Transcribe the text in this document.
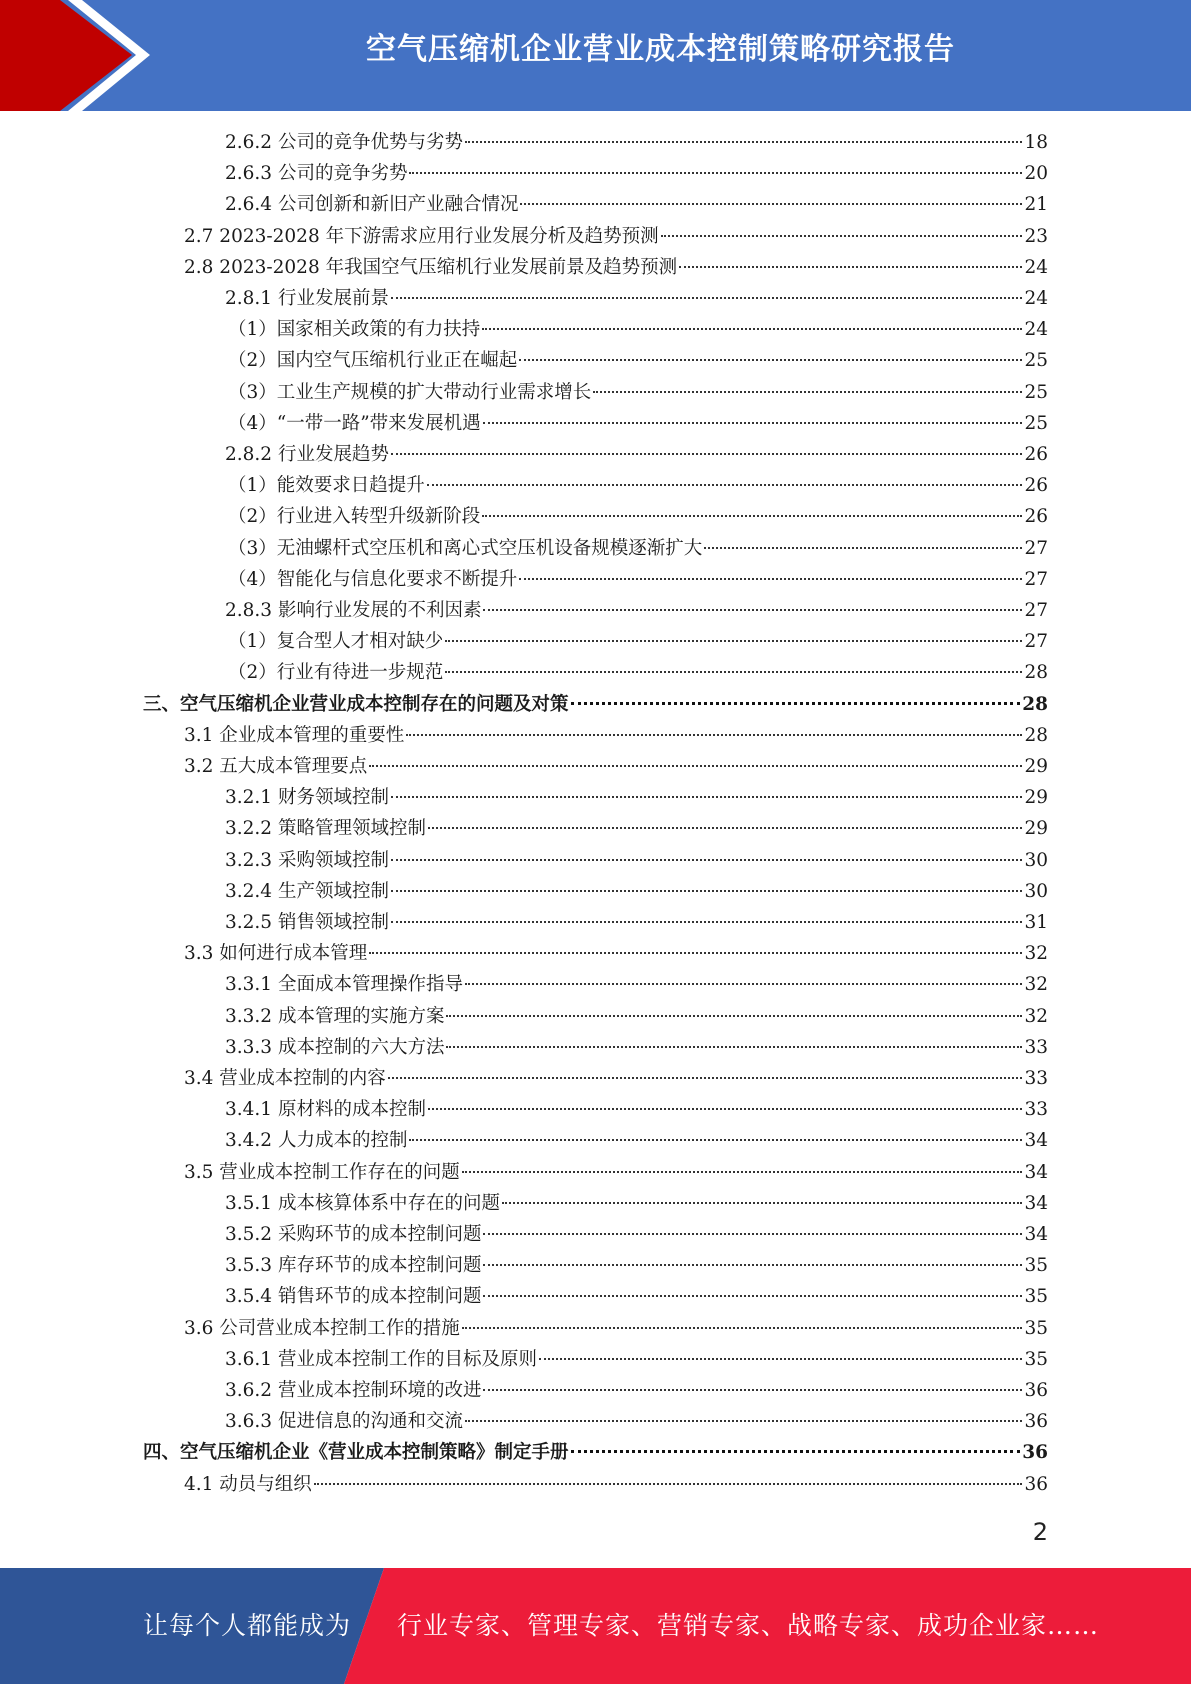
空气压缩机企业营业成本控制策略研究报告
2.6.2 公司的竞争优势与劣势	18
2.6.3 公司的竞争劣势	20
2.6.4 公司创新和新旧产业融合情况	21
2.7 2023-2028 年下游需求应用行业发展分析及趋势预测	23
2.8 2023-2028 年我国空气压缩机行业发展前景及趋势预测	24
2.8.1 行业发展前景	24
（1）国家相关政策的有力扶持	24
（2）国内空气压缩机行业正在崛起	25
（3）工业生产规模的扩大带动行业需求增长	25
（4）“一带一路”带来发展机遇	25
2.8.2 行业发展趋势	26
（1）能效要求日趋提升	26
（2）行业进入转型升级新阶段	26
（3）无油螺杆式空压机和离心式空压机设备规模逐渐扩大	27
（4）智能化与信息化要求不断提升	27
2.8.3 影响行业发展的不利因素	27
（1）复合型人才相对缺少	27
（2）行业有待进一步规范	28
三、空气压缩机企业营业成本控制存在的问题及对策	28
3.1 企业成本管理的重要性	28
3.2 五大成本管理要点	29
3.2.1 财务领域控制	29
3.2.2 策略管理领域控制	29
3.2.3 采购领域控制	30
3.2.4 生产领域控制	30
3.2.5 销售领域控制	31
3.3 如何进行成本管理	32
3.3.1 全面成本管理操作指导	32
3.3.2 成本管理的实施方案	32
3.3.3 成本控制的六大方法	33
3.4 营业成本控制的内容	33
3.4.1 原材料的成本控制	33
3.4.2 人力成本的控制	34
3.5 营业成本控制工作存在的问题	34
3.5.1 成本核算体系中存在的问题	34
3.5.2 采购环节的成本控制问题	34
3.5.3 库存环节的成本控制问题	35
3.5.4 销售环节的成本控制问题	35
3.6 公司营业成本控制工作的措施	35
3.6.1 营业成本控制工作的目标及原则	35
3.6.2 营业成本控制环境的改进	36
3.6.3 促进信息的沟通和交流	36
四、空气压缩机企业《营业成本控制策略》制定手册	36
4.1 动员与组织	36
2
让每个人都能成为 行业专家、管理专家、营销专家、战略专家、成功企业家……
